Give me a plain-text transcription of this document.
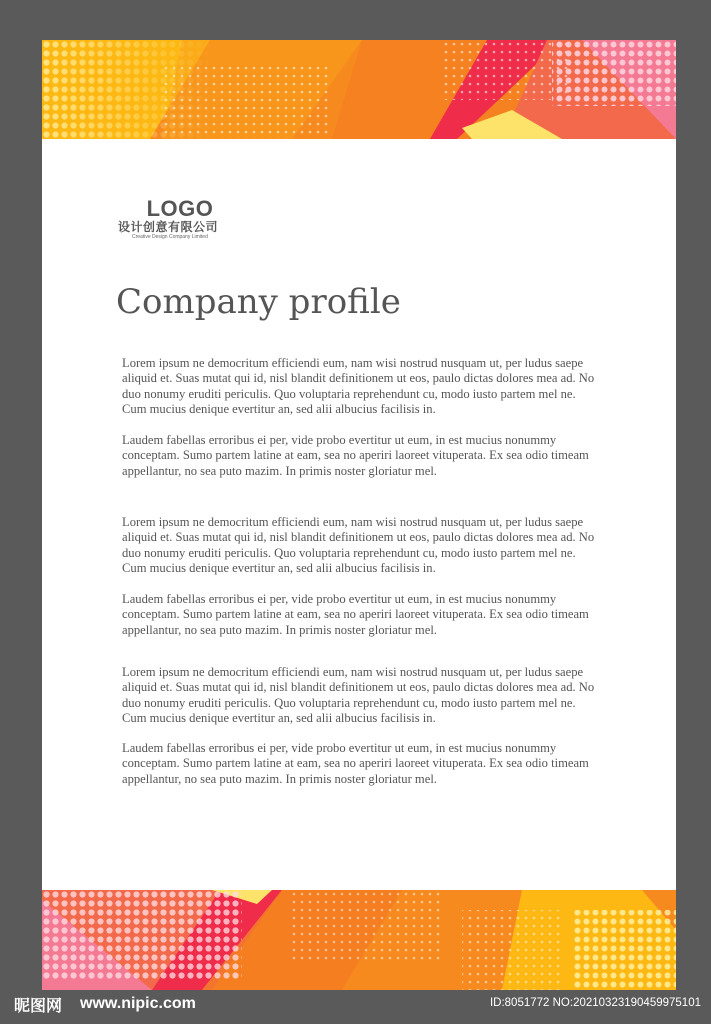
LOGO
设计创意有限公司
Creative Design Company Limited
Company profile

Lorem ipsum ne democritum efficiendi eum, nam wisi nostrud nusquam ut, per ludus saepe aliquid et. Suas mutat qui id, nisl blandit definitionem ut eos, paulo dictas dolores mea ad. No duo nonumy eruditi periculis. Quo voluptaria reprehendunt cu, modo iusto partem mel ne. Cum mucius denique evertitur an, sed alii albucius facilisis in.

Laudem fabellas erroribus ei per, vide probo evertitur ut eum, in est mucius nonummy conceptam. Sumo partem latine at eam, sea no aperiri laoreet vituperata. Ex sea odio timeam appellantur, no sea puto mazim. In primis noster gloriatur mel.

Lorem ipsum ne democritum efficiendi eum, nam wisi nostrud nusquam ut, per ludus saepe aliquid et. Suas mutat qui id, nisl blandit definitionem ut eos, paulo dictas dolores mea ad. No duo nonumy eruditi periculis. Quo voluptaria reprehendunt cu, modo iusto partem mel ne. Cum mucius denique evertitur an, sed alii albucius facilisis in.

Laudem fabellas erroribus ei per, vide probo evertitur ut eum, in est mucius nonummy conceptam. Sumo partem latine at eam, sea no aperiri laoreet vituperata. Ex sea odio timeam appellantur, no sea puto mazim. In primis noster gloriatur mel.

Lorem ipsum ne democritum efficiendi eum, nam wisi nostrud nusquam ut, per ludus saepe aliquid et. Suas mutat qui id, nisl blandit definitionem ut eos, paulo dictas dolores mea ad. No duo nonumy eruditi periculis. Quo voluptaria reprehendunt cu, modo iusto partem mel ne. Cum mucius denique evertitur an, sed alii albucius facilisis in.

Laudem fabellas erroribus ei per, vide probo evertitur ut eum, in est mucius nonummy conceptam. Sumo partem latine at eam, sea no aperiri laoreet vituperata. Ex sea odio timeam appellantur, no sea puto mazim. In primis noster gloriatur mel.

昵图网 www.nipic.com	ID:8051772 NO:20210323190459975101
